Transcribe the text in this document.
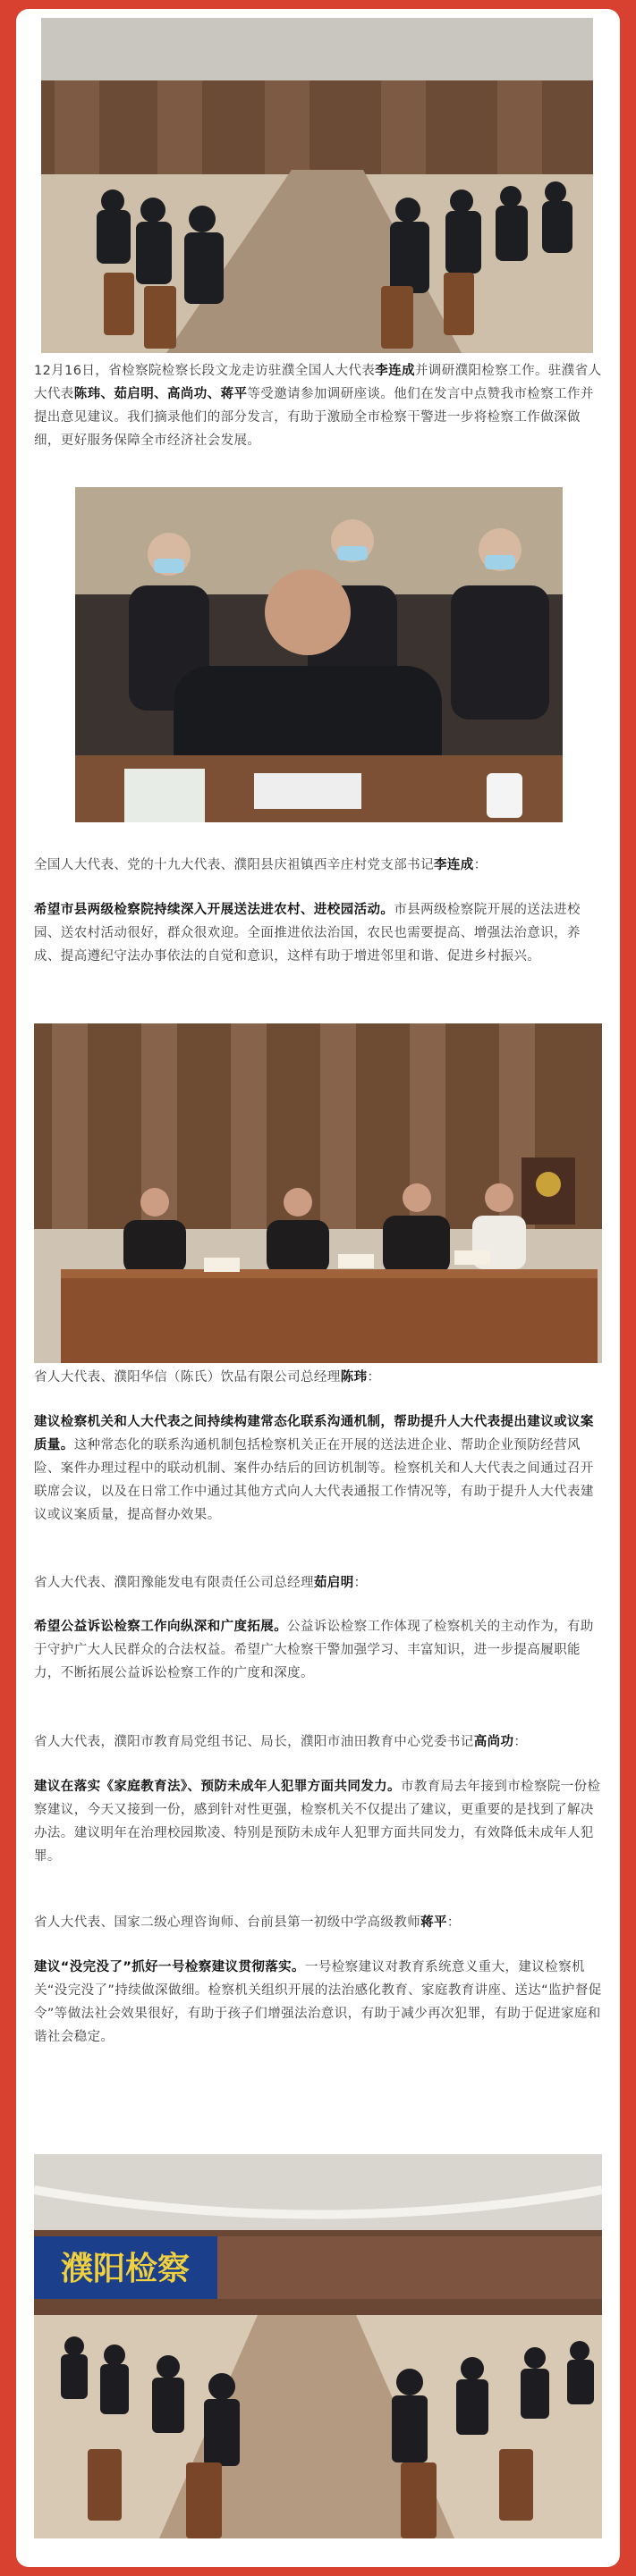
12月16日，省检察院检察长段文龙走访驻濮全国人大代表李连成并调研濮阳检察工作。驻濮省人大代表陈玮、茹启明、高尚功、蒋平等受邀请参加调研座谈。他们在发言中点赞我市检察工作并提出意见建议。我们摘录他们的部分发言，有助于激励全市检察干警进一步将检察工作做深做细，更好服务保障全市经济社会发展。

全国人大代表、党的十九大代表、濮阳县庆祖镇西辛庄村党支部书记李连成：

希望市县两级检察院持续深入开展送法进农村、进校园活动。市县两级检察院开展的送法进校园、送农村活动很好，群众很欢迎。全面推进依法治国，农民也需要提高、增强法治意识，养成、提高遵纪守法办事依法的自觉和意识，这样有助于增进邻里和谐、促进乡村振兴。

省人大代表、濮阳华信（陈氏）饮品有限公司总经理陈玮：

建议检察机关和人大代表之间持续构建常态化联系沟通机制，帮助提升人大代表提出建议或议案质量。这种常态化的联系沟通机制包括检察机关正在开展的送法进企业、帮助企业预防经营风险、案件办理过程中的联动机制、案件办结后的回访机制等。检察机关和人大代表之间通过召开联席会议，以及在日常工作中通过其他方式向人大代表通报工作情况等，有助于提升人大代表建议或议案质量，提高督办效果。

省人大代表、濮阳豫能发电有限责任公司总经理茹启明：

希望公益诉讼检察工作向纵深和广度拓展。公益诉讼检察工作体现了检察机关的主动作为，有助于守护广大人民群众的合法权益。希望广大检察干警加强学习、丰富知识，进一步提高履职能力，不断拓展公益诉讼检察工作的广度和深度。

省人大代表，濮阳市教育局党组书记、局长，濮阳市油田教育中心党委书记高尚功：

建议在落实《家庭教育法》、预防未成年人犯罪方面共同发力。市教育局去年接到市检察院一份检察建议，今天又接到一份，感到针对性更强，检察机关不仅提出了建议，更重要的是找到了解决办法。建议明年在治理校园欺凌、特别是预防未成年人犯罪方面共同发力，有效降低未成年人犯罪。

省人大代表、国家二级心理咨询师、台前县第一初级中学高级教师蒋平：

建议“没完没了”抓好一号检察建议贯彻落实。一号检察建议对教育系统意义重大，建议检察机关“没完没了”持续做深做细。检察机关组织开展的法治感化教育、家庭教育讲座、送达“监护督促令”等做法社会效果很好，有助于孩子们增强法治意识，有助于减少再次犯罪，有助于促进家庭和谐社会稳定。

濮阳检察
